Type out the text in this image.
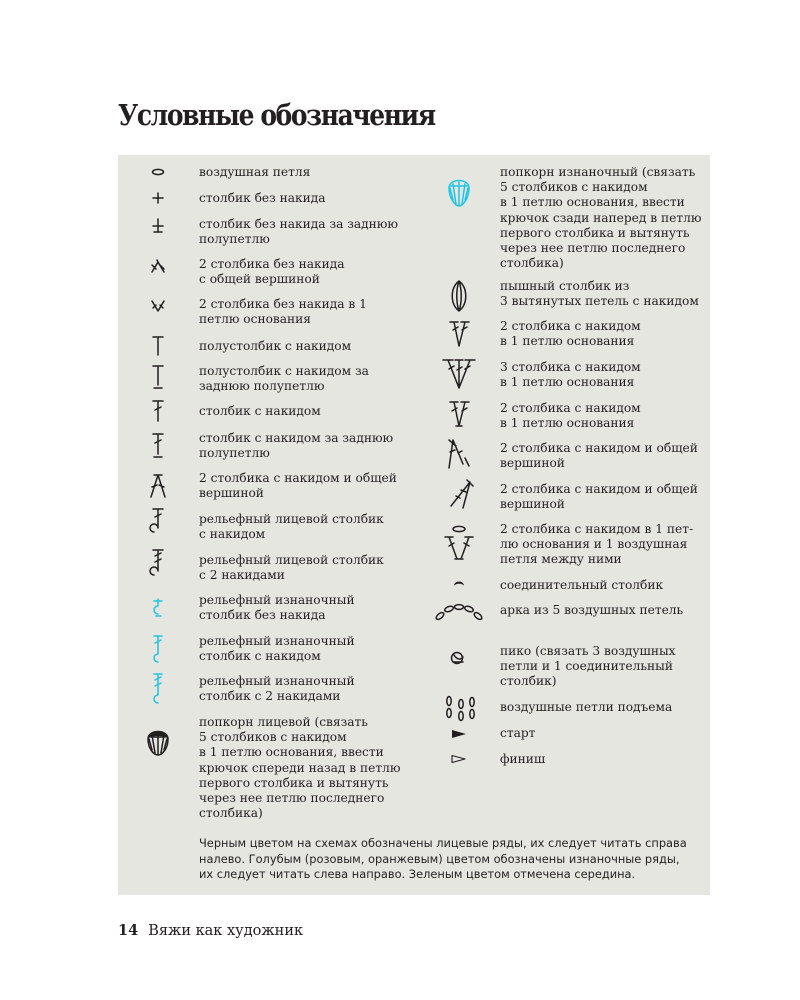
Условные обозначения
воздушная петля
столбик без накида
столбик без накида за заднюю
полупетлю
2 столбика без накида
с общей вершиной
2 столбика без накида в 1
петлю основания
полустолбик с накидом
полустолбик с накидом за
заднюю полупетлю
столбик с накидом
столбик с накидом за заднюю
полупетлю
2 столбика с накидом и общей
вершиной
рельефный лицевой столбик
с накидом
рельефный лицевой столбик
с 2 накидами
рельефный изнаночный
столбик без накида
рельефный изнаночный
столбик с накидом
рельефный изнаночный
столбик с 2 накидами
попкорн лицевой (связать
5 столбиков с накидом
в 1 петлю основания, ввести
крючок спереди назад в петлю
первого столбика и вытянуть
через нее петлю последнего
столбика)
попкорн изнаночный (связать
5 столбиков с накидом
в 1 петлю основания, ввести
крючок сзади наперед в петлю
первого столбика и вытянуть
через нее петлю последнего
столбика)
пышный столбик из
3 вытянутых петель с накидом
2 столбика с накидом
в 1 петлю основания
3 столбика с накидом
в 1 петлю основания
2 столбика с накидом
в 1 петлю основания
2 столбика с накидом и общей
вершиной
2 столбика с накидом и общей
вершиной
2 столбика с накидом в 1 пет-
лю основания и 1 воздушная
петля между ними
соединительный столбик
арка из 5 воздушных петель
пико (связать 3 воздушных
петли и 1 соединительный
столбик)
воздушные петли подъема
старт
финиш
Черным цветом на схемах обозначены лицевые ряды, их следует читать справа
налево. Голубым (розовым, оранжевым) цветом обозначены изнаночные ряды,
их следует читать слева направо. Зеленым цветом отмечена середина.
14 Вяжи как художник
